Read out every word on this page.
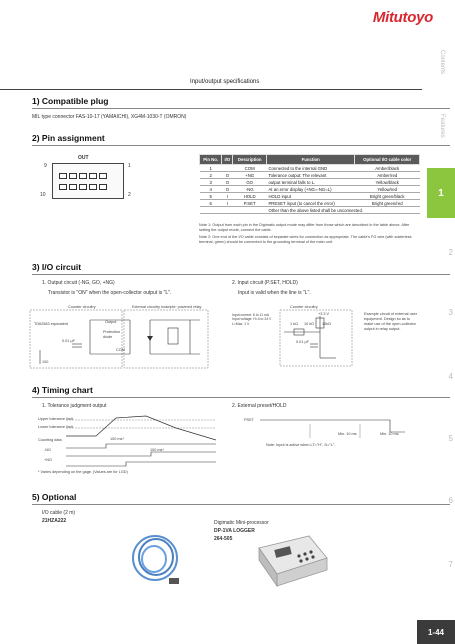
Mitutoyo
Contents
Features
1
2
3
4
5
6
7
Input/output specifications
1) Compatible plug
MIL type connector FAS-10-17 (YAMAICHI), XG4M-1030-T (OMRON)
2) Pin assignment
OUT
9	1
10	2
Pin No.	I/O	Description	Function	Optional I/O cable color
1		COM	Connected to the internal GND	Amber/black
2	O	+NG	Tolerance output: The relevant	Amber/red
3	O	GO	output terminal falls to L.	Yellow/black
4	O	-NG	At an error display (+NG=-NG=L)	Yellow/red
5	I	HOLD	HOLD input	Bright green/black
6	I	P.SET	PRESET input (to cancel the error)	Bright green/red
			Other than the above listed shall be unconnected.	
Note 1: Output from each pin in the Digimatic output mode may differ from those which are described in the table above. After setting the output mode, connect the cable.
Note 2: One end of the I/O cable consists of separate wires for connection as appropriate. The cable's FG wire (with solderless terminal, green) should be connected to the grounding terminal of the main unit.
3) I/O circuit
1. Output circuit (-NG, GO, +NG)
Transistor is "ON" when the open-collector output is "L".
2. Input circuit (P.SET, HOLD)
Input is valid when the line is "L".
Counter circuitry	External circuitry example: powered relay
TD62583 equivalent	Output
Protection diode
COM
0.01 μF
100
Counter circuitry
Input current: 6 to 11 mA
Input voltage: H=4 to 24 V
L=Max. 1 V
+3.3 V
1 kΩ 10 kΩ 10kΩ
0.01 μF
Example circuit of external user equipment. Design so as to make use of the open-collector output in relay output.
4) Timing chart
1. Tolerance judgment output	2. External preset/HOLD
Upper tolerance limit
Lower tolerance limit
Counting data
-NG
+NG
100 ms*
100 ms*
* Varies depending on the gage. (Values are for LGD)
PSET
Min. 10 ms	Min. 10 ms
Note: Input is active when LT="H", D="L".
5) Optional
I/O cable (2 m)
21HZA222	Digimatic Mini-processor
DP-1VA LOGGER
264-505
1-44
